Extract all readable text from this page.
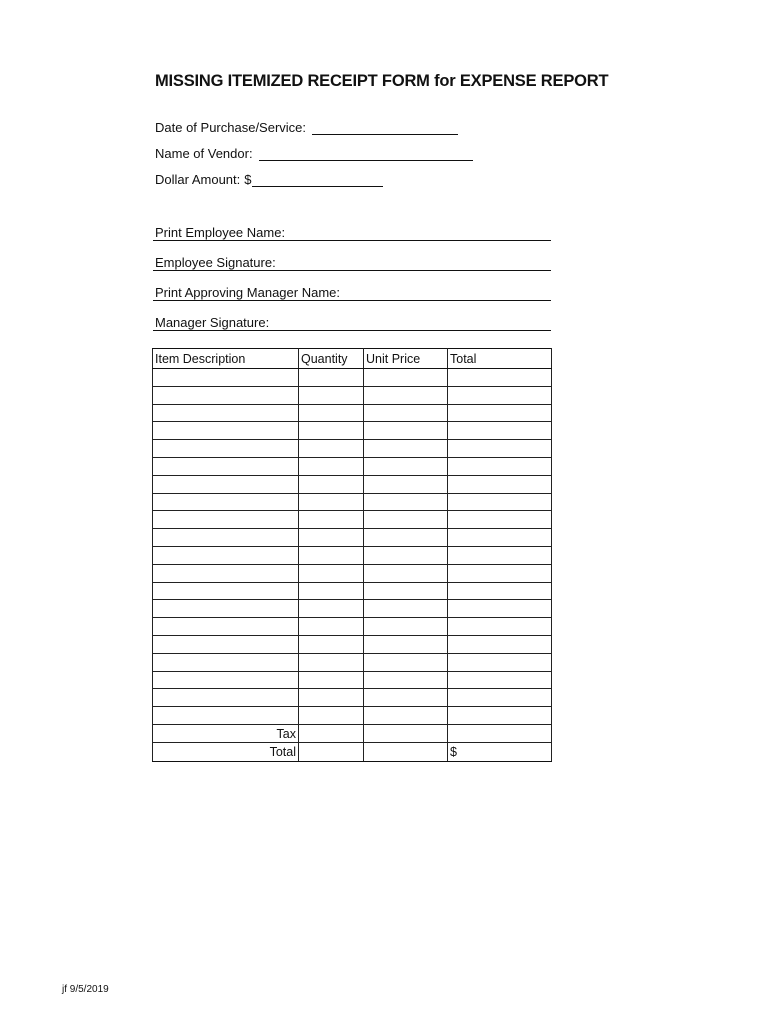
MISSING ITEMIZED RECEIPT FORM for EXPENSE REPORT
Date of Purchase/Service:
Name of Vendor:
Dollar Amount: $
Print Employee Name:
Employee Signature:
Print Approving Manager Name:
Manager Signature:
Item Description	Quantity	Unit Price	Total

Tax			
Total			$
jf 9/5/2019
